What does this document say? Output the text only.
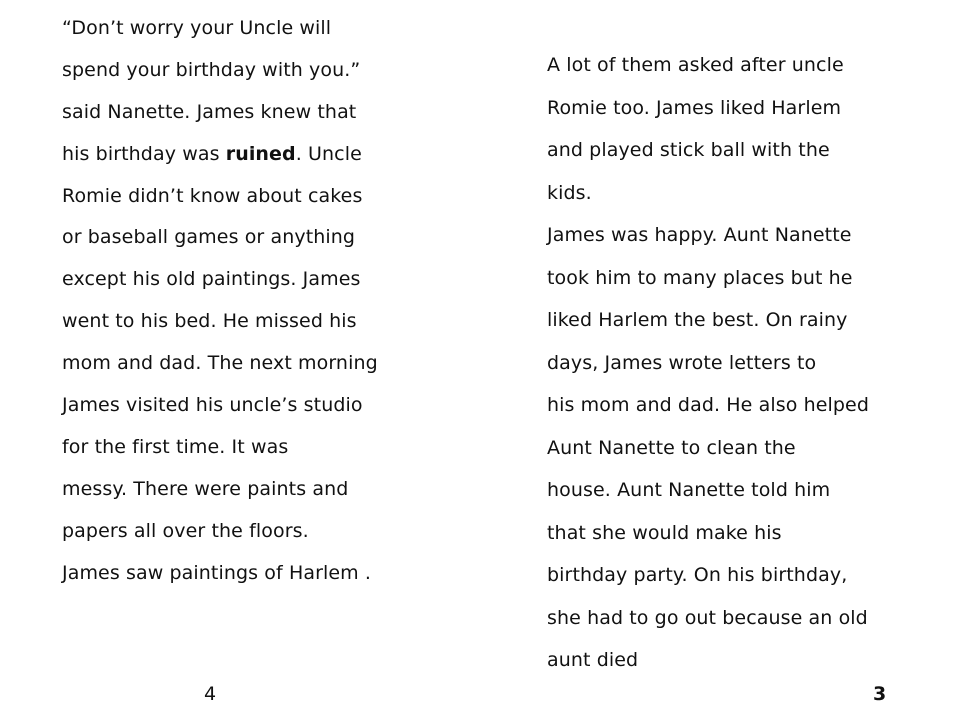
“Don’t worry your Uncle will
spend your birthday with you.”
said Nanette. James knew that
his birthday was ruined. Uncle
Romie didn’t know about cakes
or baseball games or anything
except his old paintings. James
went to his bed. He missed his
mom and dad. The next morning
James visited his uncle’s studio
for the first time. It was
messy. There were paints and
papers all over the floors.
James saw paintings of Harlem .
A lot of them asked after uncle
Romie too. James liked Harlem
and played stick ball with the
kids.
James was happy. Aunt Nanette
took him to many places but he
liked Harlem the best. On rainy
days, James wrote letters to
his mom and dad. He also helped
Aunt Nanette to clean the
house. Aunt Nanette told him
that she would make his
birthday party. On his birthday,
she had to go out because an old
aunt died
4	3
